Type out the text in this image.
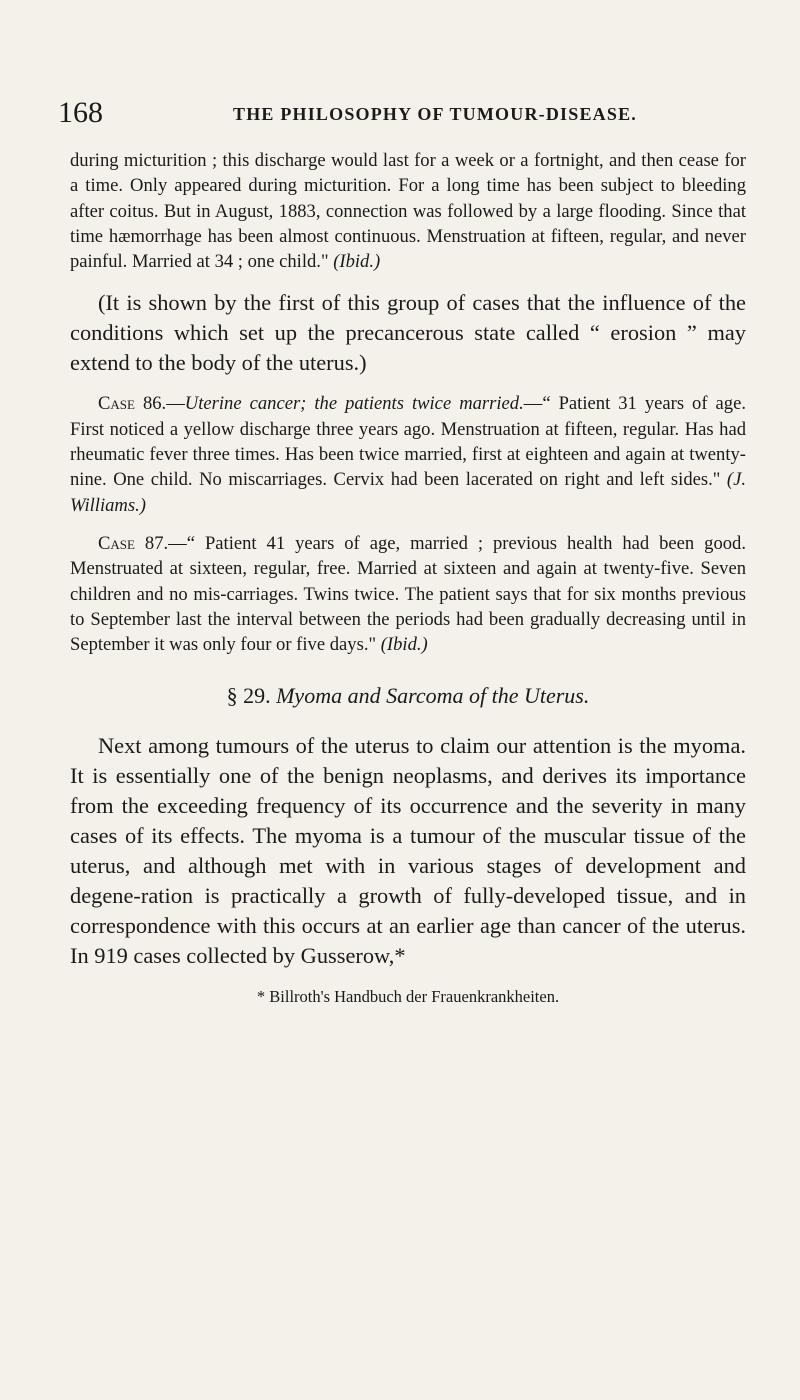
168	THE PHILOSOPHY OF TUMOUR-DISEASE.

during micturition ; this discharge would last for a week or a fortnight, and then cease for a time. Only appeared during micturition. For a long time has been subject to bleeding after coitus. But in August, 1883, connection was followed by a large flooding. Since that time hæmorrhage has been almost continuous. Menstruation at fifteen, regular, and never painful. Married at 34 ; one child." (Ibid.)

(It is shown by the first of this group of cases that the influence of the conditions which set up the precancerous state called “ erosion ” may extend to the body of the uterus.)

Case 86.—Uterine cancer; the patients twice married.—“ Patient 31 years of age. First noticed a yellow discharge three years ago. Menstruation at fifteen, regular. Has had rheumatic fever three times. Has been twice married, first at eighteen and again at twenty-nine. One child. No miscarriages. Cervix had been lacerated on right and left sides." (J. Williams.)

Case 87.—“ Patient 41 years of age, married ; previous health had been good. Menstruated at sixteen, regular, free. Married at sixteen and again at twenty-five. Seven children and no mis-carriages. Twins twice. The patient says that for six months previous to September last the interval between the periods had been gradually decreasing until in September it was only four or five days." (Ibid.)

§ 29. Myoma and Sarcoma of the Uterus.

Next among tumours of the uterus to claim our attention is the myoma. It is essentially one of the benign neoplasms, and derives its importance from the exceeding frequency of its occurrence and the severity in many cases of its effects. The myoma is a tumour of the muscular tissue of the uterus, and although met with in various stages of development and degene-ration is practically a growth of fully-developed tissue, and in correspondence with this occurs at an earlier age than cancer of the uterus. In 919 cases collected by Gusserow,*

* Billroth's Handbuch der Frauenkrankheiten.
